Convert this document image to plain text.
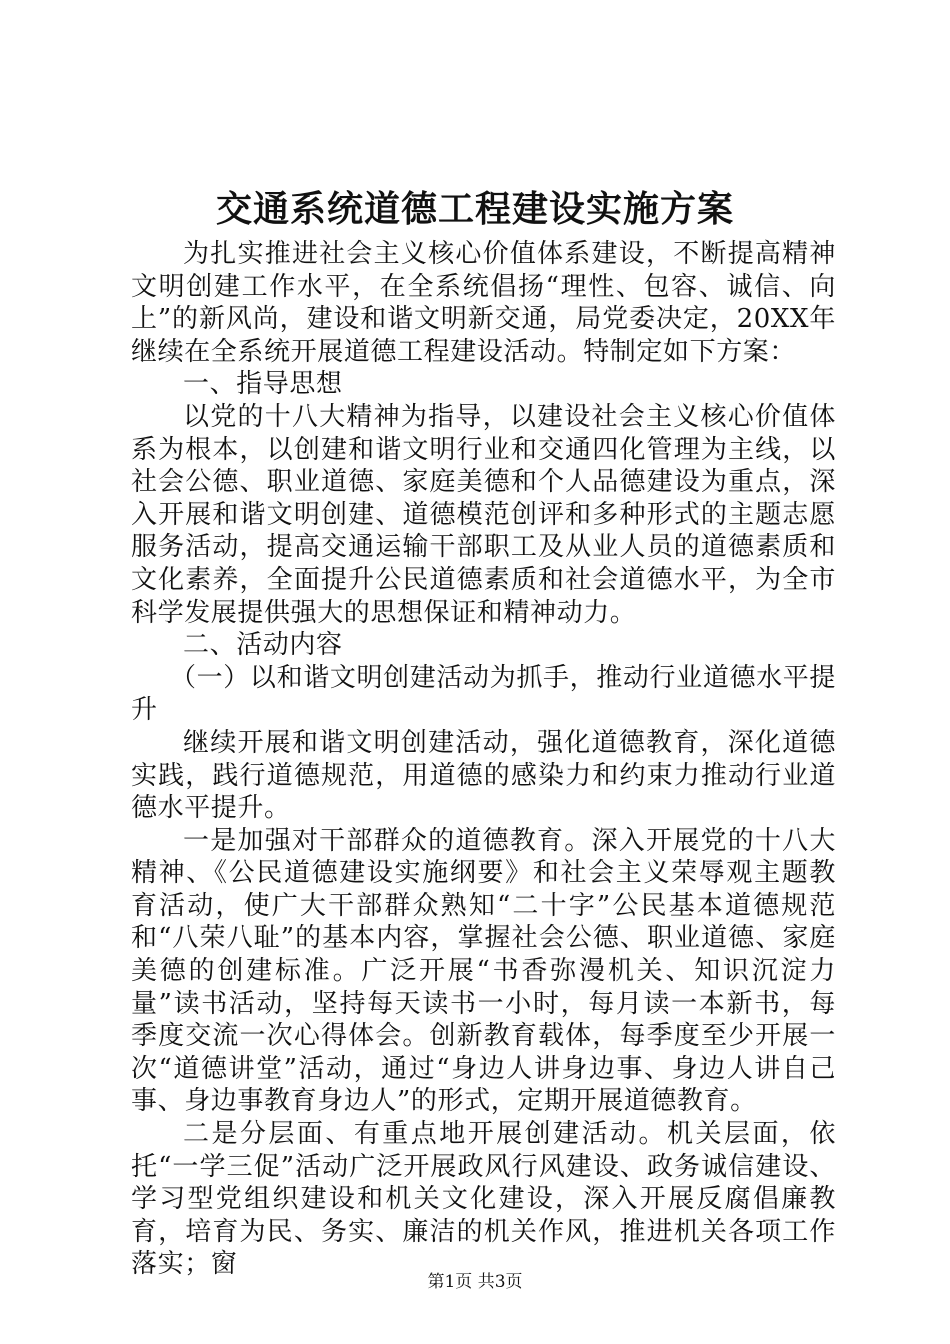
交通系统道德工程建设实施方案

为扎实推进社会主义核心价值体系建设，不断提高精神文明创建工作水平，在全系统倡扬“理性、包容、诚信、向上”的新风尚，建设和谐文明新交通，局党委决定，20XX年继续在全系统开展道德工程建设活动。特制定如下方案：

一、指导思想

以党的十八大精神为指导，以建设社会主义核心价值体系为根本，以创建和谐文明行业和交通四化管理为主线，以社会公德、职业道德、家庭美德和个人品德建设为重点，深入开展和谐文明创建、道德模范创评和多种形式的主题志愿服务活动，提高交通运输干部职工及从业人员的道德素质和文化素养，全面提升公民道德素质和社会道德水平，为全市科学发展提供强大的思想保证和精神动力。

二、活动内容

（一）以和谐文明创建活动为抓手，推动行业道德水平提升

继续开展和谐文明创建活动，强化道德教育，深化道德实践，践行道德规范，用道德的感染力和约束力推动行业道德水平提升。

一是加强对干部群众的道德教育。深入开展党的十八大精神、《公民道德建设实施纲要》和社会主义荣辱观主题教育活动，使广大干部群众熟知“二十字”公民基本道德规范和“八荣八耻”的基本内容，掌握社会公德、职业道德、家庭美德的创建标准。广泛开展“书香弥漫机关、知识沉淀力量”读书活动，坚持每天读书一小时，每月读一本新书，每季度交流一次心得体会。创新教育载体，每季度至少开展一次“道德讲堂”活动，通过“身边人讲身边事、身边人讲自己事、身边事教育身边人”的形式，定期开展道德教育。

二是分层面、有重点地开展创建活动。机关层面，依托“一学三促”活动广泛开展政风行风建设、政务诚信建设、学习型党组织建设和机关文化建设，深入开展反腐倡廉教育，培育为民、务实、廉洁的机关作风，推进机关各项工作落实；窗

第1页 共3页
